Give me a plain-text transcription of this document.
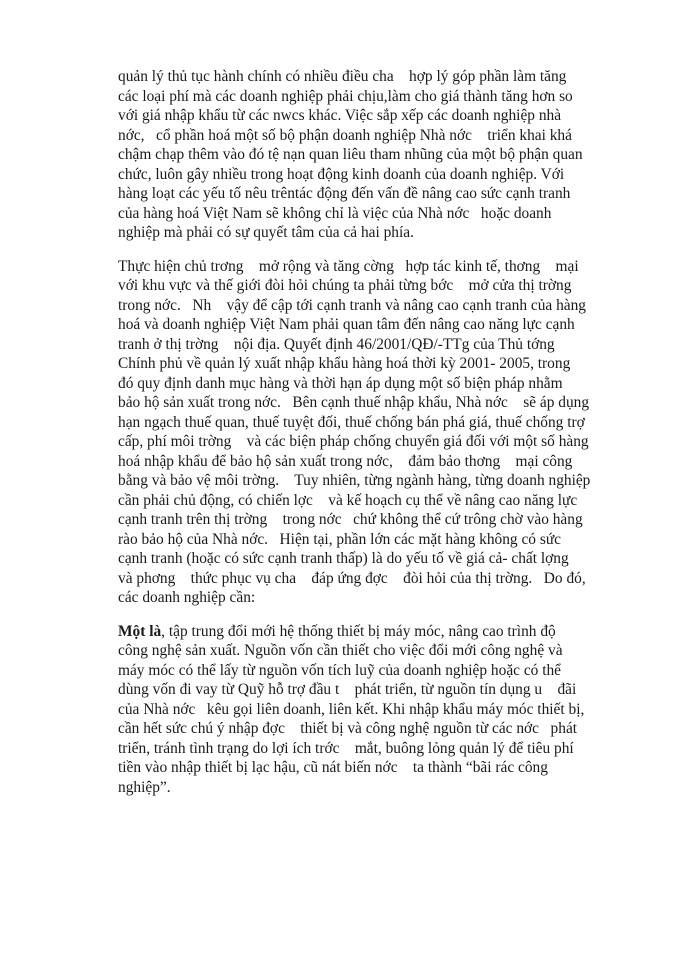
quản lý thủ tục hành chính có nhiều điều cha    hợp lý góp phần làm tăng
các loại phí mà các doanh nghiệp phải chịu,làm cho giá thành tăng hơn so
với giá nhập khẩu từ các nwcs khác. Việc sắp xếp các doanh nghiệp nhà
nớc,   cổ phần hoá một số bộ phận doanh nghiệp Nhà nớc    triển khai khá
chậm chạp thêm vào đó tệ nạn quan liêu tham nhũng của một bộ phận quan
chức, luôn gây nhiều trong hoạt động kinh doanh của doanh nghiệp. Với
hàng loạt các yếu tố nêu trêntác động đến vấn đề nâng cao sức cạnh tranh
của hàng hoá Việt Nam sẽ không chỉ là việc của Nhà nớc   hoặc doanh
nghiệp mà phải có sự quyết tâm của cả hai phía.
Thực hiện chủ trơng    mở rộng và tăng cờng   hợp tác kinh tế, thơng    mại
với khu vực và thế giới đòi hỏi chúng ta phải từng bớc    mở cửa thị trờng
trong nớc.   Nh    vậy để cập tới cạnh tranh và nâng cao cạnh tranh của hàng
hoá và doanh nghiệp Việt Nam phải quan tâm đến nâng cao năng lực cạnh
tranh ở thị trờng    nội địa. Quyết định 46/2001/QĐ/-TTg của Thủ tớng
Chính phủ về quản lý xuất nhập khẩu hàng hoá thời kỳ 2001- 2005, trong
đó quy định danh mục hàng và thời hạn áp dụng một số biện pháp nhằm
bảo hộ sản xuất trong nớc.   Bên cạnh thuế nhập khẩu, Nhà nớc    sẽ áp dụng
hạn ngạch thuế quan, thuế tuyệt đối, thuế chống bán phá giá, thuế chống trợ
cấp, phí môi trờng    và các biện pháp chống chuyển giá đối với một số hàng
hoá nhập khẩu để bảo hộ sản xuất trong nớc,    đảm bảo thơng    mại công
bằng và bảo vệ môi trờng.    Tuy nhiên, từng ngành hàng, từng doanh nghiệp
cần phải chủ động, có chiến lợc    và kế hoạch cụ thể về nâng cao năng lực
cạnh tranh trên thị trờng    trong nớc   chứ không thể cứ trông chờ vào hàng
rào bảo hộ của Nhà nớc.   Hiện tại, phần lớn các mặt hàng không có sức
cạnh tranh (hoặc có sức cạnh tranh thấp) là do yếu tố về giá cả- chất lợng
và phơng    thức phục vụ cha    đáp ứng đợc    đòi hỏi của thị trờng.   Do đó,
các doanh nghiệp cần:
Một là, tập trung đổi mới hệ thống thiết bị máy móc, nâng cao trình độ
công nghệ sản xuất. Nguồn vốn cần thiết cho việc đổi mới công nghệ và
máy móc có thể lấy từ nguồn vốn tích luỹ của doanh nghiệp hoặc có thể
dùng vốn đi vay từ Quỹ hỗ trợ đầu t    phát triển, từ nguồn tín dụng u    đãi
của Nhà nớc   kêu gọi liên doanh, liên kết. Khi nhập khẩu máy móc thiết bị,
cần hết sức chú ý nhập đợc    thiết bị và công nghệ nguồn từ các nớc   phát
triển, tránh tình trạng do lợi ích trớc    mắt, buông lỏng quản lý để tiêu phí
tiền vào nhập thiết bị lạc hậu, cũ nát biến nớc    ta thành “bãi rác công
nghiệp”.
